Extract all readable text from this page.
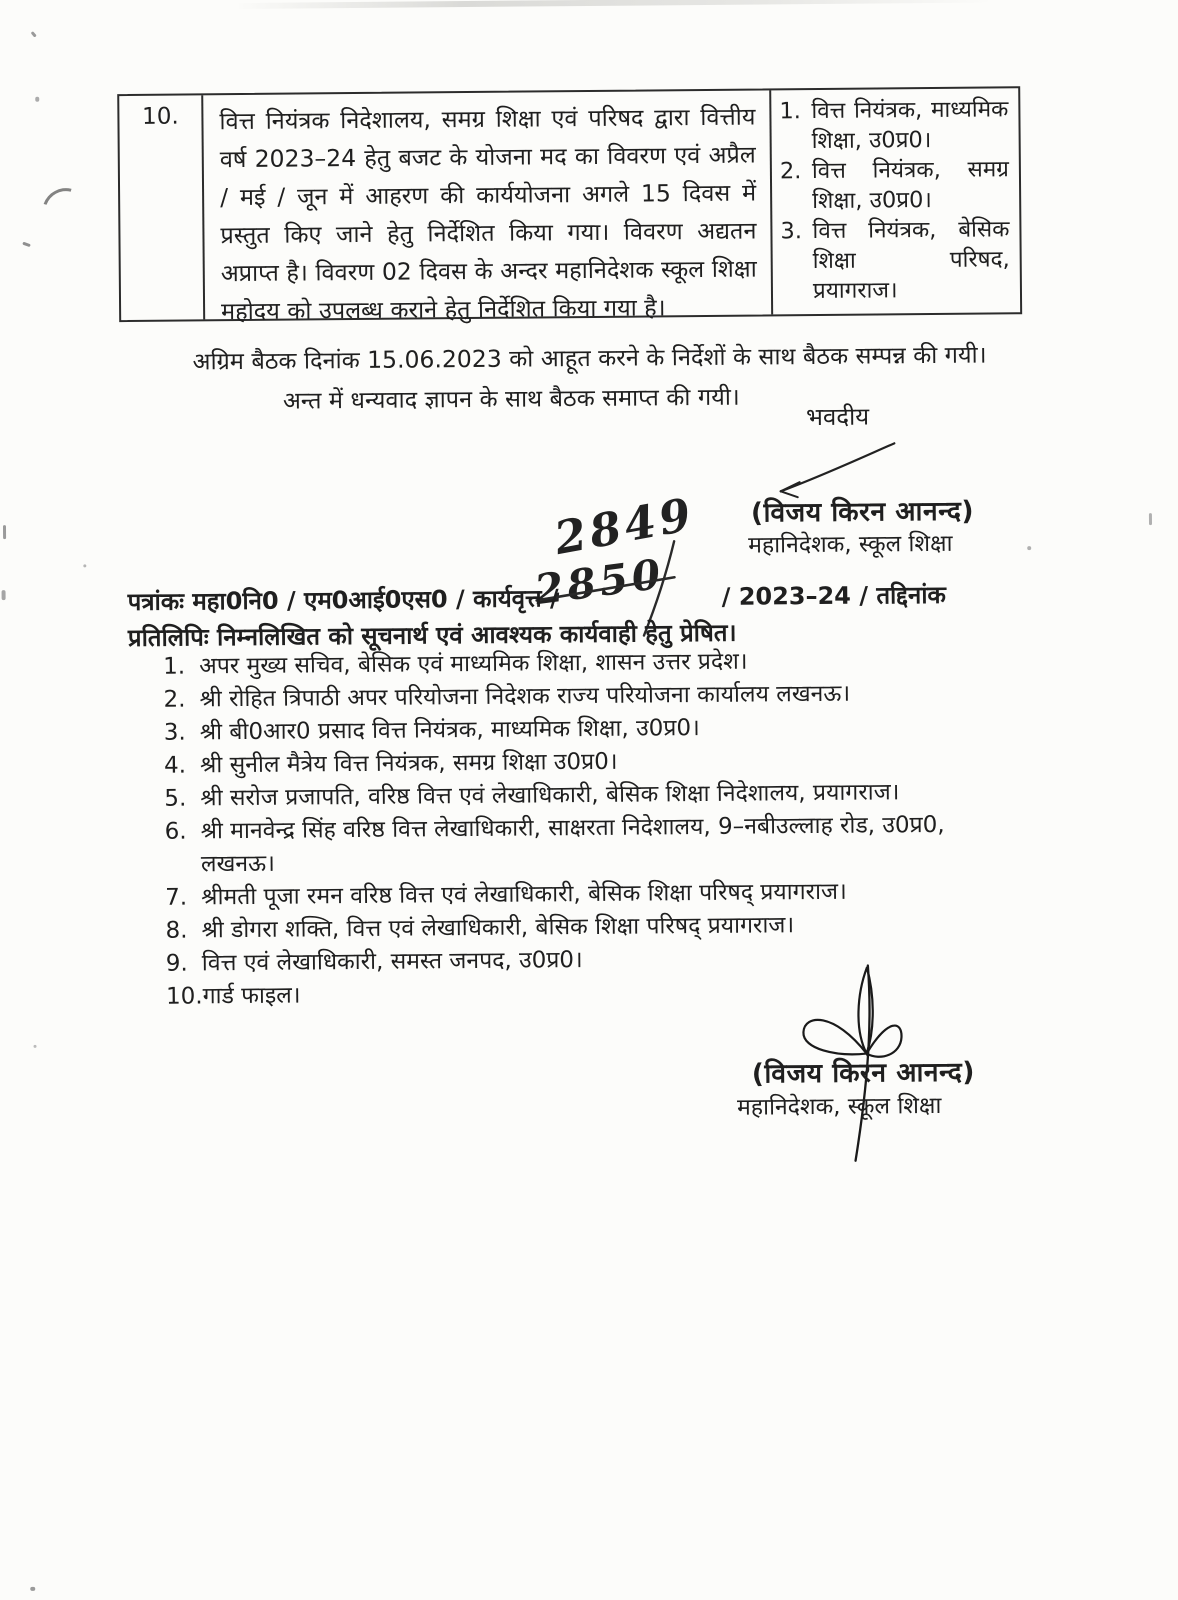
10.	वित्त नियंत्रक निदेशालय, समग्र शिक्षा एवं परिषद द्वारा वित्तीय वर्ष 2023–24 हेतु बजट के योजना मद का विवरण एवं अप्रैल / मई / जून में आहरण की कार्ययोजना अगले 15 दिवस में प्रस्तुत किए जाने हेतु निर्देशित किया गया। विवरण अद्यतन अप्राप्त है। विवरण 02 दिवस के अन्दर महानिदेशक स्कूल शिक्षा महोदय को उपलब्ध कराने हेतु निर्देशित किया गया है।
1. वित्त नियंत्रक, माध्यमिक शिक्षा, उ0प्र0।
2. वित्त नियंत्रक, समग्र शिक्षा, उ0प्र0।
3. वित्त नियंत्रक, बेसिक शिक्षा परिषद, प्रयागराज।
अग्रिम बैठक दिनांक 15.06.2023 को आहूत करने के निर्देशों के साथ बैठक सम्पन्न की गयी।
अन्त में धन्यवाद ज्ञापन के साथ बैठक समाप्त की गयी।
भवदीय
(विजय किरन आनन्द)
महानिदेशक, स्कूल शिक्षा
2849
2850
पत्रांकः महा0नि0 / एम0आई0एस0 / कार्यवृत्त /	/ 2023–24 / तद्दिनांक
प्रतिलिपिः निम्नलिखित को सूचनार्थ एवं आवश्यक कार्यवाही हेतु प्रेषित।
1. अपर मुख्य सचिव, बेसिक एवं माध्यमिक शिक्षा, शासन उत्तर प्रदेश।
2. श्री रोहित त्रिपाठी अपर परियोजना निदेशक राज्य परियोजना कार्यालय लखनऊ।
3. श्री बी0आर0 प्रसाद वित्त नियंत्रक, माध्यमिक शिक्षा, उ0प्र0।
4. श्री सुनील मैत्रेय वित्त नियंत्रक, समग्र शिक्षा उ0प्र0।
5. श्री सरोज प्रजापति, वरिष्ठ वित्त एवं लेखाधिकारी, बेसिक शिक्षा निदेशालय, प्रयागराज।
6. श्री मानवेन्द्र सिंह वरिष्ठ वित्त लेखाधिकारी, साक्षरता निदेशालय, 9–नबीउल्लाह रोड, उ0प्र0, लखनऊ।
7. श्रीमती पूजा रमन वरिष्ठ वित्त एवं लेखाधिकारी, बेसिक शिक्षा परिषद् प्रयागराज।
8. श्री डोगरा शक्ति, वित्त एवं लेखाधिकारी, बेसिक शिक्षा परिषद् प्रयागराज।
9. वित्त एवं लेखाधिकारी, समस्त जनपद, उ0प्र0।
10. गार्ड फाइल।
(विजय किरन आनन्द)
महानिदेशक, स्कूल शिक्षा
